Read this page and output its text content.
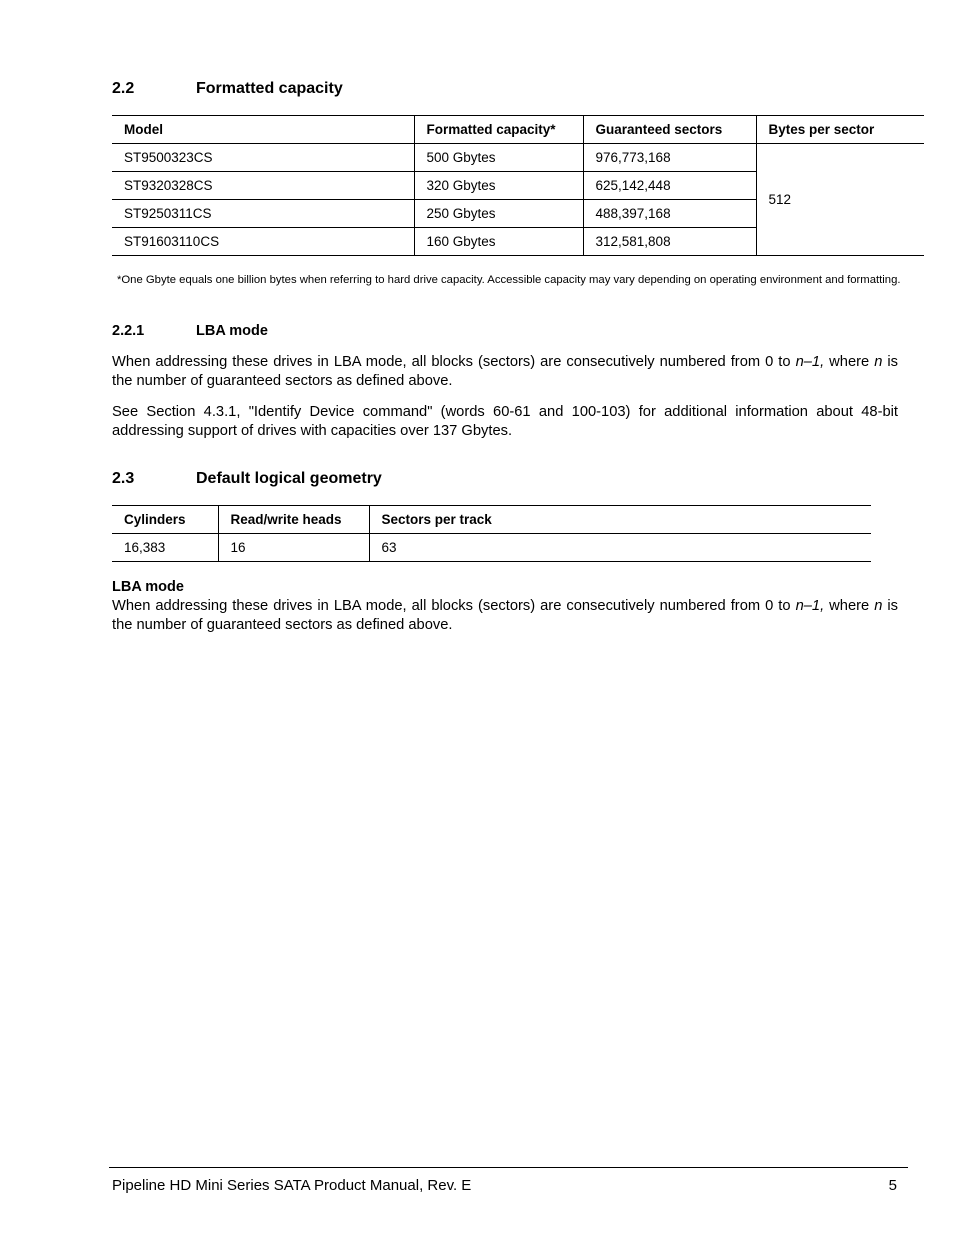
2.2	Formatted capacity
Model	Formatted capacity*	Guaranteed sectors	Bytes per sector
ST9500323CS	500 Gbytes	976,773,168	512
ST9320328CS	320 Gbytes	625,142,448	
ST9250311CS	250 Gbytes	488,397,168	
ST91603110CS	160 Gbytes	312,581,808	
*One Gbyte equals one billion bytes when referring to hard drive capacity. Accessible capacity may vary depending on operating environment and formatting.
2.2.1	LBA mode
When addressing these drives in LBA mode, all blocks (sectors) are consecutively numbered from 0 to n–1, where n is the number of guaranteed sectors as defined above.
See Section 4.3.1, "Identify Device command" (words 60-61 and 100-103) for additional information about 48-bit addressing support of drives with capacities over 137 Gbytes.
2.3	Default logical geometry
Cylinders	Read/write heads	Sectors per track
16,383	16	63
LBA mode
When addressing these drives in LBA mode, all blocks (sectors) are consecutively numbered from 0 to n–1, where n is the number of guaranteed sectors as defined above.
Pipeline HD Mini Series SATA Product Manual, Rev. E	5
